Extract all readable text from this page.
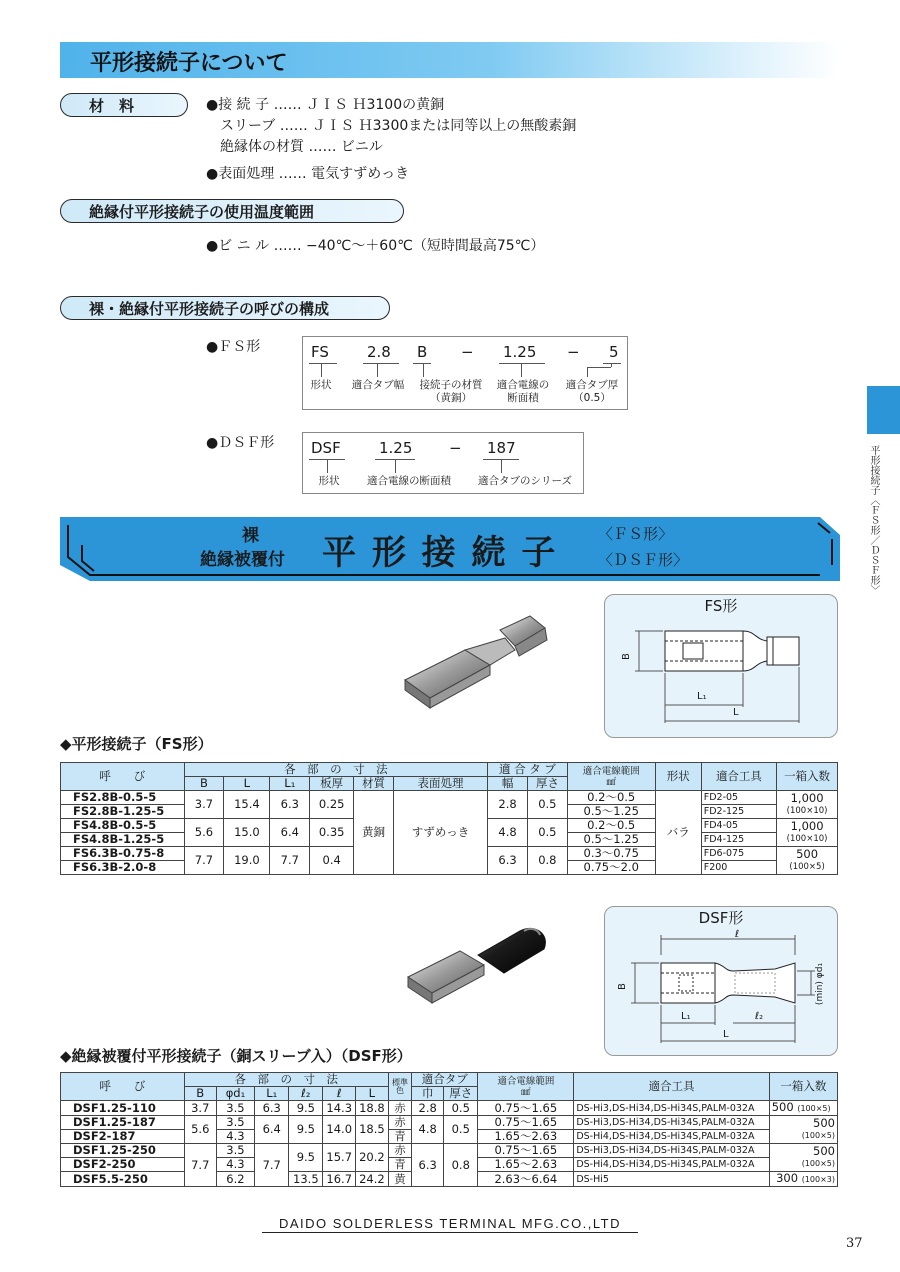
平形接続子について
材　料	●接 続 子 …… ＪＩＳ Ｈ3100の黄銅
スリーブ …… ＪＩＳ Ｈ3300または同等以上の無酸素銅
絶縁体の材質 …… ビニル
●表面処理 …… 電気すずめっき
絶縁付平形接続子の使用温度範囲
●ビ ニ ル …… −40℃〜＋60℃（短時間最高75℃）
裸・絶縁付平形接続子の呼びの構成
●ＦＳ形	FS	2.8 B − 1.25 − 5
形状	適合タブ幅	接続子の材質
（黄銅）
適合電線の
断面積
適合タブ厚
（0.5）
●ＤＳＦ形 DSF	1.25 − 187
形状	適合電線の断面積	適合タブのシリーズ	平形接続子〈ＦＳ形／ＤＳＦ形〉
裸
絶縁被覆付 平 形 接 続 子	〈ＦＳ形〉
〈ＤＳＦ形〉
FS形
B
L₁
L
◆平形接続子（FS形）
呼　　び	各　部　の　寸　法						適 合 タ ブ		適合電線範囲
㎟	形状	適合工具	一箱入数
	B	L	L₁	板厚	材質	表面処理	幅	厚さ				
FS2.8B-0.5-5	3.7	15.4	6.3	0.25	黄銅	すずめっき	2.8	0.5	0.2〜0.5	バラ	FD2-05	1,000
(100×10)
FS2.8B-1.25-5									0.5〜1.25		FD2-125	
FS4.8B-0.5-5	5.6	15.0	6.4	0.35			4.8	0.5	0.2〜0.5		FD4-05	1,000
(100×10)
FS4.8B-1.25-5									0.5〜1.25		FD4-125	
FS6.3B-0.75-8	7.7	19.0	7.7	0.4			6.3	0.8	0.3〜0.75		FD6-075	500
(100×5)
FS6.3B-2.0-8									0.75〜2.0		F200	
DSF形
ℓ
B	(min) φd₁
L₁	ℓ₂
L
◆絶縁被覆付平形接続子（銅スリーブ入）（DSF形）
呼　　び	各　部　の　寸　法						標準色	適合タブ		適合電線範囲
㎟	適合工具	一箱入数
	B	φd₁	L₁	ℓ₂	ℓ	L		巾	厚さ			
DSF1.25-110	3.7	3.5	6.3	9.5	14.3	18.8	赤	2.8	0.5	0.75〜1.65	DS-Hi3,DS-Hi34,DS-Hi34S,PALM-032A	500 (100×5)
DSF1.25-187	5.6	3.5	6.4	9.5	14.0	18.5	赤	4.8	0.5	0.75〜1.65	DS-Hi3,DS-Hi34,DS-Hi34S,PALM-032A	500
(100×5)
DSF2-187		4.3					青			1.65〜2.63	DS-Hi4,DS-Hi34,DS-Hi34S,PALM-032A	
DSF1.25-250	7.7	3.5	7.7	9.5	15.7	20.2	赤	6.3	0.8	0.75〜1.65	DS-Hi3,DS-Hi34,DS-Hi34S,PALM-032A	500
(100×5)
DSF2-250		4.3					青			1.65〜2.63	DS-Hi4,DS-Hi34,DS-Hi34S,PALM-032A	
DSF5.5-250		6.2		13.5	16.7	24.2	黄			2.63〜6.64	DS-Hi5	300 (100×3)
DAIDO SOLDERLESS TERMINAL MFG.CO.,LTD
37
